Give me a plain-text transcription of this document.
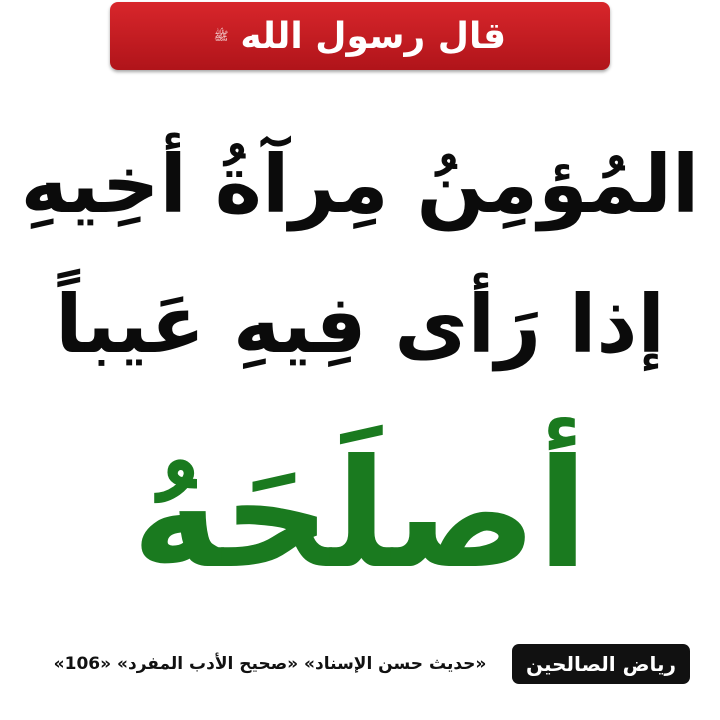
قال رسول الله
ﷺ
المُؤمِنُ مِرآةُ أخِيهِ
إذا رَأى فِيهِ عَيباً
أصلَحَهُ
رياض الصالحين
«حديث حسن الإسناد» «صحيح الأدب المفرد» «106»
